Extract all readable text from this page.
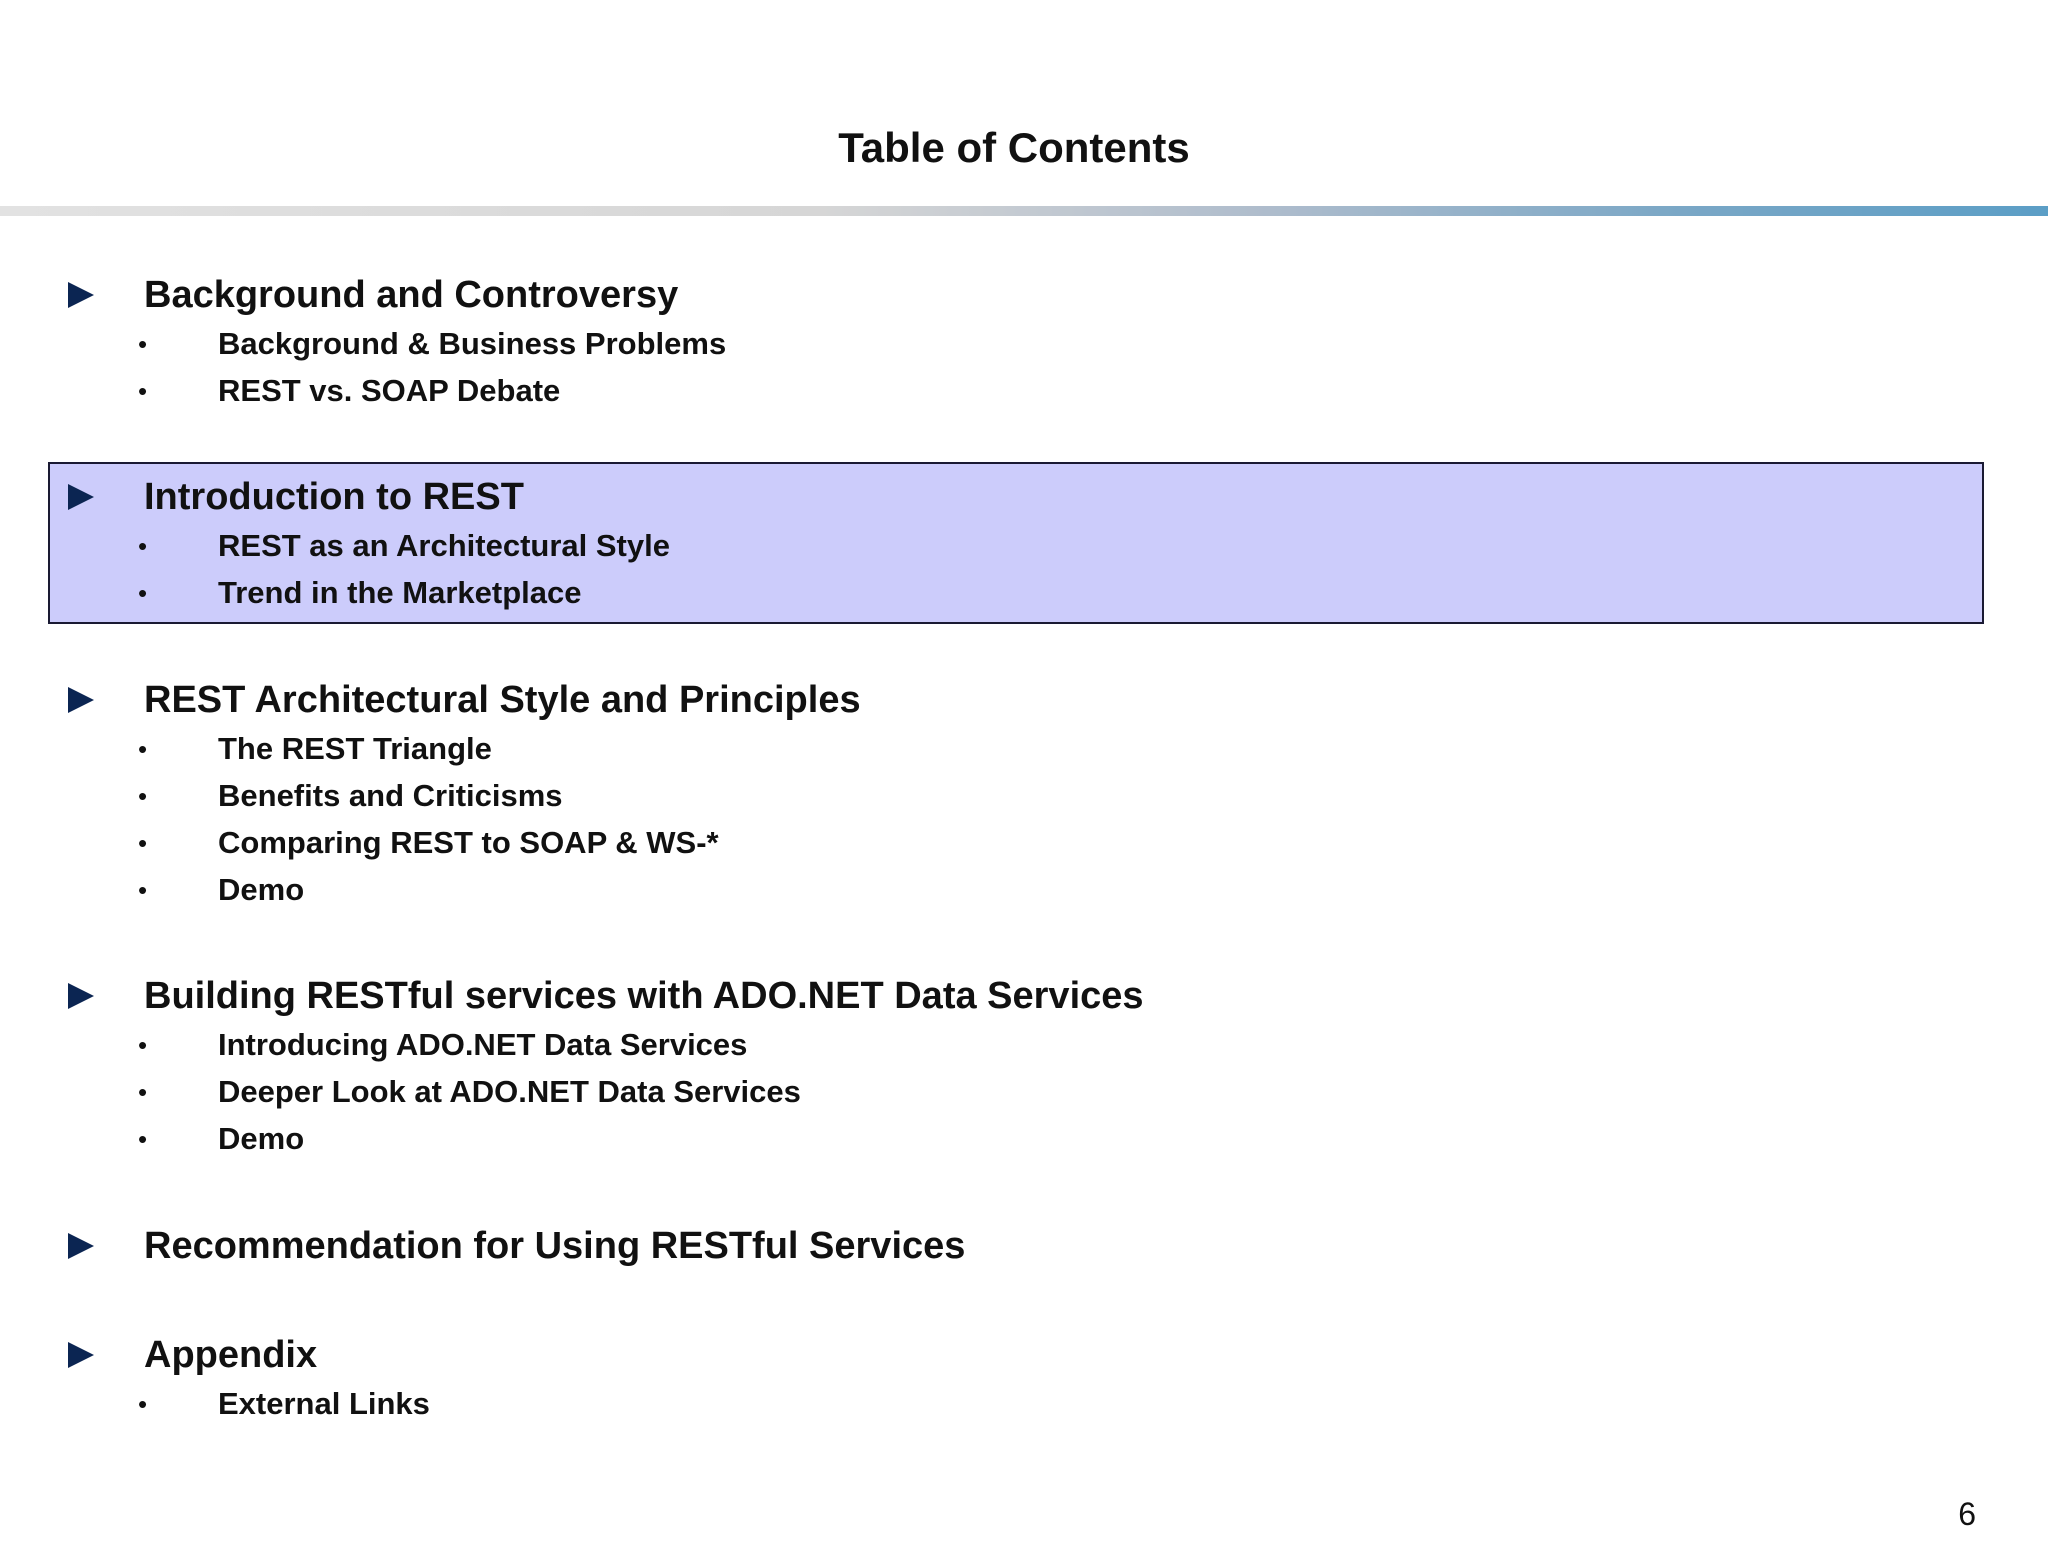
Table of Contents
Background and Controversy
• Background & Business Problems
• REST vs. SOAP Debate
Introduction to REST
• REST as an Architectural Style
• Trend in the Marketplace
REST Architectural Style and Principles
• The REST Triangle
• Benefits and Criticisms
• Comparing REST to SOAP & WS-*
• Demo
Building RESTful services with ADO.NET Data Services
• Introducing ADO.NET Data Services
• Deeper Look at ADO.NET Data Services
• Demo
Recommendation for Using RESTful Services
Appendix
• External Links
6
